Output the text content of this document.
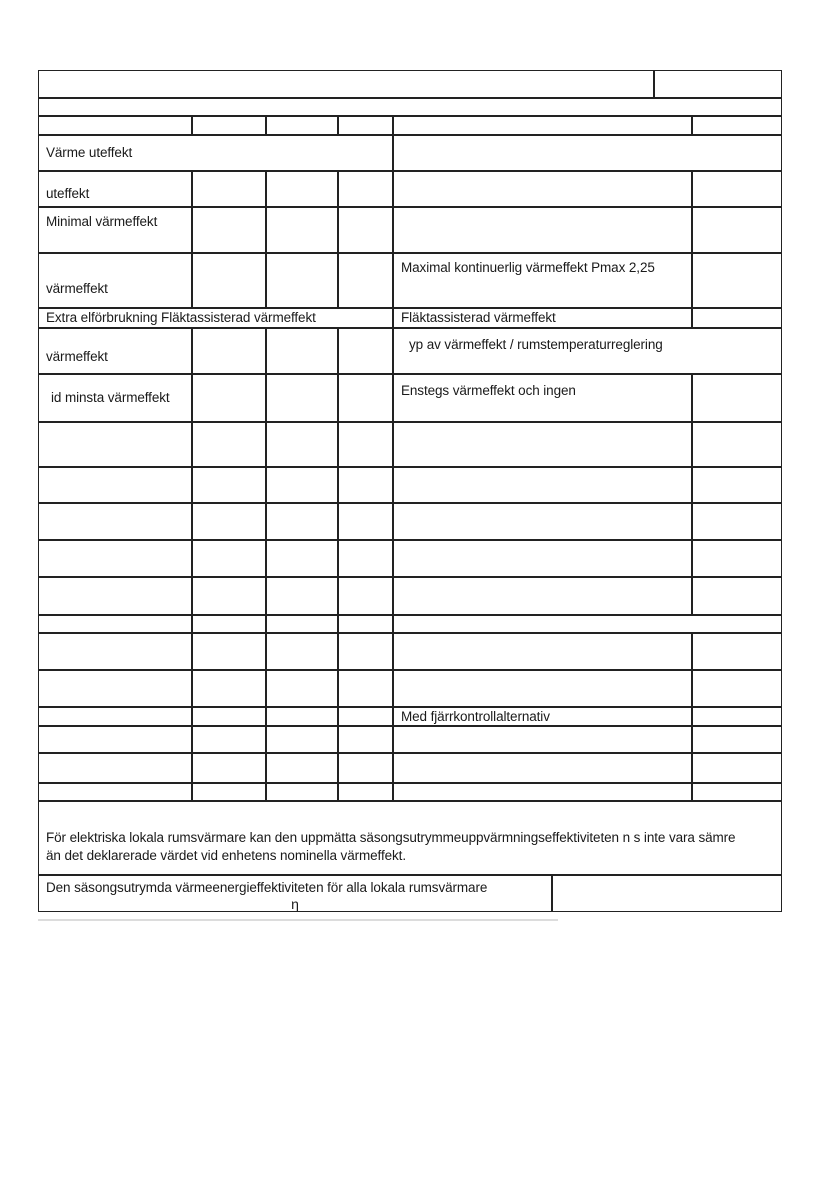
Värme uteffekt
uteffekt
Minimal värmeffekt
värmeffekt
Maximal kontinuerlig värmeffekt Pmax 2,25
Extra elförbrukning Fläktassisterad värmeffekt	Fläktassisterad värmeffekt
värmeffekt
yp av värmeffekt / rumstemperaturreglering
id minsta värmeffekt	Enstegs värmeffekt och ingen
Med fjärrkontrollalternativ
För elektriska lokala rumsvärmare kan den uppmätta säsongsutrymmeuppvärmningseffektiviteten n s inte vara sämre
än det deklarerade värdet vid enhetens nominella värmeffekt.
Den säsongsutrymda värmeenergieffektiviteten för alla lokala rumsvärmare
η
